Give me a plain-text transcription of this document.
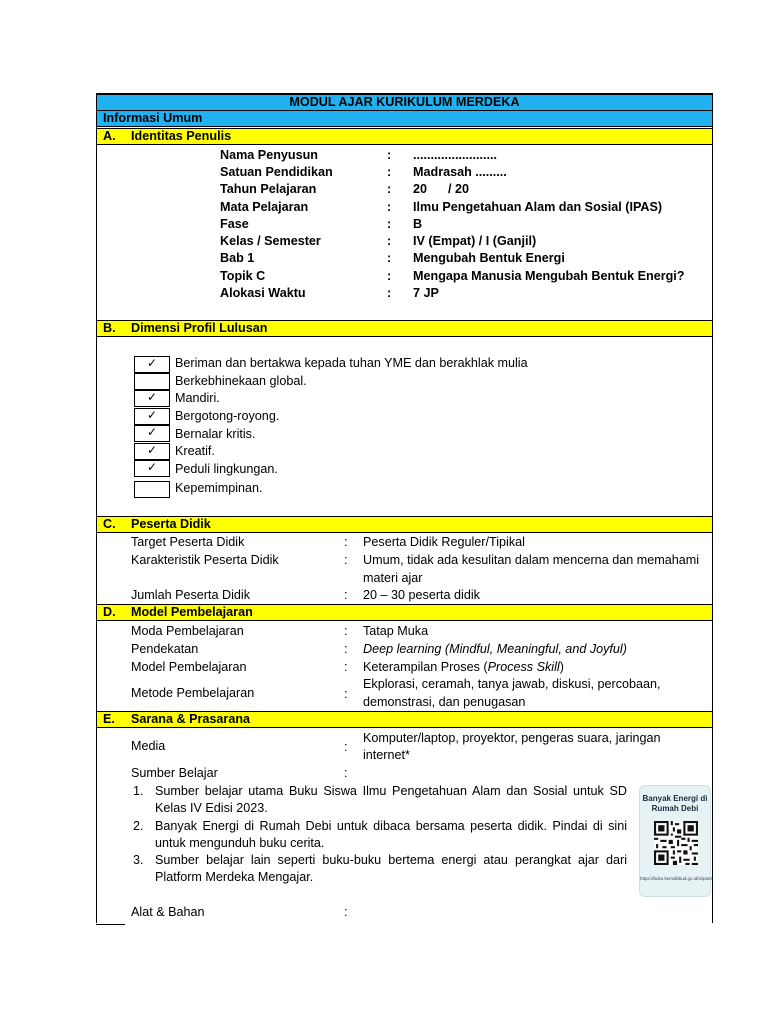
MODUL AJAR KURIKULUM MERDEKA
Informasi Umum
A. Identitas Penulis
Nama Penyusun	: ........................
Satuan Pendidikan	: Madrasah .........
Tahun Pelajaran	: 20      / 20
Mata Pelajaran	: Ilmu Pengetahuan Alam dan Sosial (IPAS)
Fase	: B
Kelas / Semester	: IV (Empat) / I (Ganjil)
Bab 1	: Mengubah Bentuk Energi
Topik C	: Mengapa Manusia Mengubah Bentuk Energi?
Alokasi Waktu	: 7 JP
B. Dimensi Profil Lulusan
✓	Beriman dan bertakwa kepada tuhan YME dan berakhlak mulia
Berkebhinekaan global.
✓	Mandiri.
✓	Bergotong-royong.
✓	Bernalar kritis.
✓	Kreatif.
✓	Peduli lingkungan.
Kepemimpinan.
C. Peserta Didik
Target Peserta Didik	: Peserta Didik Reguler/Tipikal
Karakteristik Peserta Didik	: Umum, tidak ada kesulitan dalam mencerna dan memahami
materi ajar
Jumlah Peserta Didik	: 20 – 30 peserta didik
D. Model Pembelajaran
Moda Pembelajaran	: Tatap Muka
Pendekatan	: Deep learning (Mindful, Meaningful, and Joyful)
Model Pembelajaran	: Keterampilan Proses (Process Skill)
Metode Pembelajaran	:
Ekplorasi, ceramah, tanya jawab, diskusi, percobaan,
demonstrasi, dan penugasan
E. Sarana & Prasarana
Media	:
Komputer/laptop, proyektor, pengeras suara, jaringan
internet*
Sumber Belajar	:
1. Sumber belajar utama Buku Siswa Ilmu Pengetahuan Alam dan Sosial untuk SD
Kelas IV Edisi 2023.
2. Banyak Energi di Rumah Debi untuk dibaca bersama peserta didik. Pindai di sini
untuk mengunduh buku cerita.
3. Sumber belajar lain seperti buku-buku bertema energi atau perangkat ajar dari
Platform Merdeka Mengajar.
Alat & Bahan	:
Banyak Energi di Rumah Debi
https://buku.kemdikbud.go.id/s/ipas4
